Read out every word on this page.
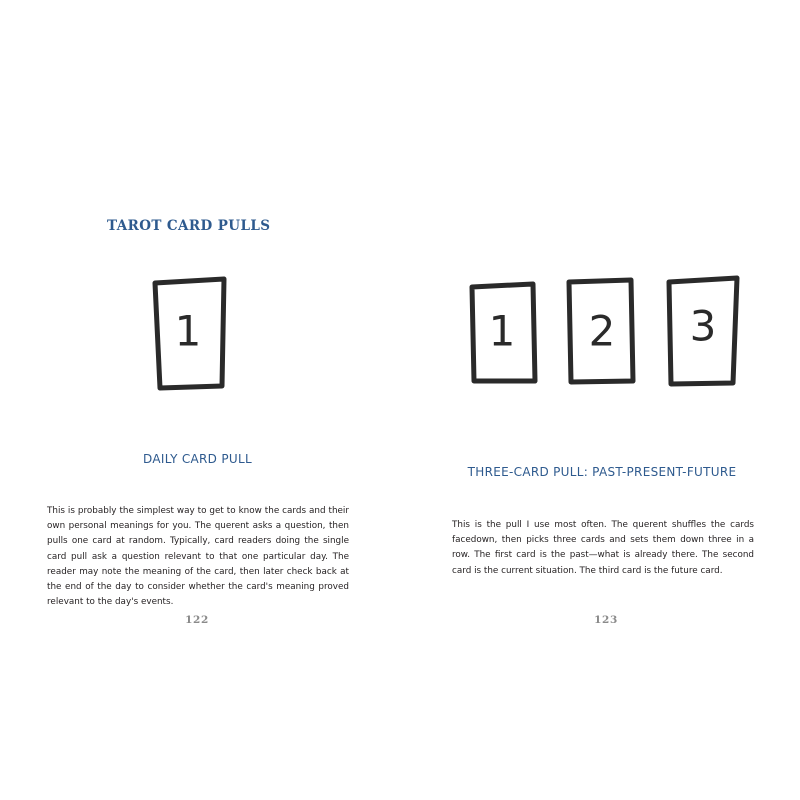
TAROT CARD PULLS
1
DAILY CARD PULL

This is probably the simplest way to get to know the cards and their own personal meanings for you. The querent asks a question, then pulls one card at random. Typically, card readers doing the single card pull ask a question relevant to that one particular day. The reader may note the meaning of the card, then later check back at the end of the day to consider whether the card's meaning proved relevant to the day's events.

122
1 2 3
THREE-CARD PULL: PAST-PRESENT-FUTURE

This is the pull I use most often. The querent shuffles the cards facedown, then picks three cards and sets them down three in a row. The first card is the past—what is already there. The second card is the current situation. The third card is the future card.

123
